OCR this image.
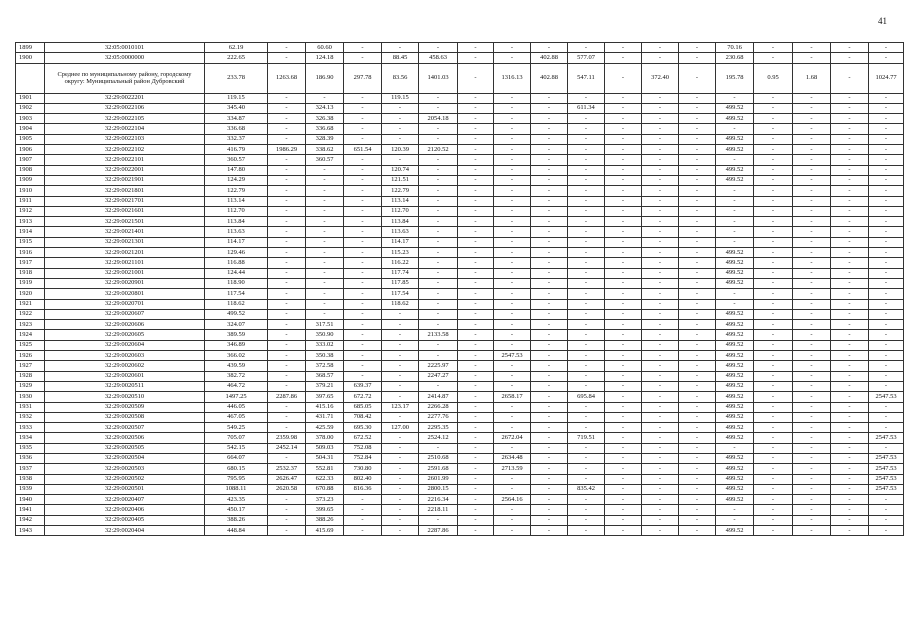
41
1899	32:05:0010101	62.19	-	60.60	-	-	-	-	-	-	-	-	-	-	70.16	-	-	-	-
1900	32:05:0000000	222.65	-	124.18	-	88.45	458.63	-	-	402.88	577.07	-	-	-	230.68	-	-	-	-
	Среднее по муниципальному району, городскому округу: Муниципальный район Дубровский	233.78	1263.68	186.90	297.78	83.56	1401.03	-	1316.13	402.88	547.11	-	372.40	-	195.78	0.95	1.68	-	1024.77
1901	32:29:0022201	119.15	-	-	-	119.15	-	-	-	-	-	-	-	-	-	-	-	-	-
1902	32:29:0022106	345.40	-	324.13	-	-	-	-	-	-	611.34	-	-	-	499.52	-	-	-	-
1903	32:29:0022105	334.87	-	326.38	-	-	2054.18	-	-	-	-	-	-	-	499.52	-	-	-	-
1904	32:29:0022104	336.68	-	336.68	-	-	-	-	-	-	-	-	-	-	-	-	-	-	-
1905	32:29:0022103	332.37	-	328.39	-	-	-	-	-	-	-	-	-	-	499.52	-	-	-	-
1906	32:29:0022102	416.79	1986.29	338.62	651.54	120.39	2120.52	-	-	-	-	-	-	-	499.52	-	-	-	-
1907	32:29:0022101	360.57	-	360.57	-	-	-	-	-	-	-	-	-	-	-	-	-	-	-
1908	32:29:0022001	147.80	-	-	-	120.74	-	-	-	-	-	-	-	-	499.52	-	-	-	-
1909	32:29:0021901	124.29	-	-	-	121.51	-	-	-	-	-	-	-	-	499.52	-	-	-	-
1910	32:29:0021801	122.79	-	-	-	122.79	-	-	-	-	-	-	-	-	-	-	-	-	-
1911	32:29:0021701	113.14	-	-	-	113.14	-	-	-	-	-	-	-	-	-	-	-	-	-
1912	32:29:0021601	112.70	-	-	-	112.70	-	-	-	-	-	-	-	-	-	-	-	-	-
1913	32:29:0021501	113.84	-	-	-	113.84	-	-	-	-	-	-	-	-	-	-	-	-	-
1914	32:29:0021401	113.63	-	-	-	113.63	-	-	-	-	-	-	-	-	-	-	-	-	-
1915	32:29:0021301	114.17	-	-	-	114.17	-	-	-	-	-	-	-	-	-	-	-	-	-
1916	32:29:0021201	129.46	-	-	-	115.23	-	-	-	-	-	-	-	-	499.52	-	-	-	-
1917	32:29:0021101	116.88	-	-	-	116.22	-	-	-	-	-	-	-	-	499.52	-	-	-	-
1918	32:29:0021001	124.44	-	-	-	117.74	-	-	-	-	-	-	-	-	499.52	-	-	-	-
1919	32:29:0020901	118.90	-	-	-	117.85	-	-	-	-	-	-	-	-	499.52	-	-	-	-
1920	32:29:0020801	117.54	-	-	-	117.54	-	-	-	-	-	-	-	-	-	-	-	-	-
1921	32:29:0020701	118.62	-	-	-	118.62	-	-	-	-	-	-	-	-	-	-	-	-	-
1922	32:29:0020607	499.52	-	-	-	-	-	-	-	-	-	-	-	-	499.52	-	-	-	-
1923	32:29:0020606	324.07	-	317.51	-	-	-	-	-	-	-	-	-	-	499.52	-	-	-	-
1924	32:29:0020605	389.59	-	350.90	-	-	2133.58	-	-	-	-	-	-	-	499.52	-	-	-	-
1925	32:29:0020604	346.89	-	333.02	-	-	-	-	-	-	-	-	-	-	499.52	-	-	-	-
1926	32:29:0020603	366.02	-	350.38	-	-	-	-	2547.53	-	-	-	-	-	499.52	-	-	-	-
1927	32:29:0020602	439.59	-	372.58	-	-	2225.97	-	-	-	-	-	-	-	499.52	-	-	-	-
1928	32:29:0020601	382.72	-	368.57	-	-	2247.27	-	-	-	-	-	-	-	499.52	-	-	-	-
1929	32:29:0020511	464.72	-	379.21	639.37	-	-	-	-	-	-	-	-	-	499.52	-	-	-	-
1930	32:29:0020510	1497.25	2287.86	397.65	672.72	-	2414.87	-	2658.17	-	695.84	-	-	-	499.52	-	-	-	2547.53
1931	32:29:0020509	446.05	-	415.16	685.05	123.17	2266.28	-	-	-	-	-	-	-	499.52	-	-	-	-
1932	32:29:0020508	467.05	-	431.71	708.42	-	2277.76	-	-	-	-	-	-	-	499.52	-	-	-	-
1933	32:29:0020507	549.25	-	425.59	695.30	127.00	2295.35	-	-	-	-	-	-	-	499.52	-	-	-	-
1934	32:29:0020506	705.07	2359.98	378.00	672.52	-	2524.12	-	2672.04	-	719.51	-	-	-	499.52	-	-	-	2547.53
1935	32:29:0020505	542.15	2452.14	509.03	752.08	-	-	-	-	-	-	-	-	-	-	-	-	-	-
1936	32:29:0020504	664.07	-	504.31	752.84	-	2510.68	-	2634.48	-	-	-	-	-	499.52	-	-	-	2547.53
1937	32:29:0020503	680.15	2532.37	552.81	730.80	-	2591.68	-	2713.59	-	-	-	-	-	499.52	-	-	-	2547.53
1938	32:29:0020502	795.95	2626.47	622.33	802.40	-	2601.99	-	-	-	-	-	-	-	499.52	-	-	-	2547.53
1939	32:29:0020501	1088.11	2620.58	670.88	816.36	-	2800.15	-	-	-	835.42	-	-	-	499.52	-	-	-	2547.53
1940	32:29:0020407	423.35	-	373.23	-	-	2216.34	-	2564.16	-	-	-	-	-	499.52	-	-	-	-
1941	32:29:0020406	450.17	-	399.65	-	-	2218.11	-	-	-	-	-	-	-	-	-	-	-	-
1942	32:29:0020405	388.26	-	388.26	-	-	-	-	-	-	-	-	-	-	-	-	-	-	-
1943	32:29:0020404	448.84	-	415.69	-	-	2287.86	-	-	-	-	-	-	-	499.52	-	-	-	-
